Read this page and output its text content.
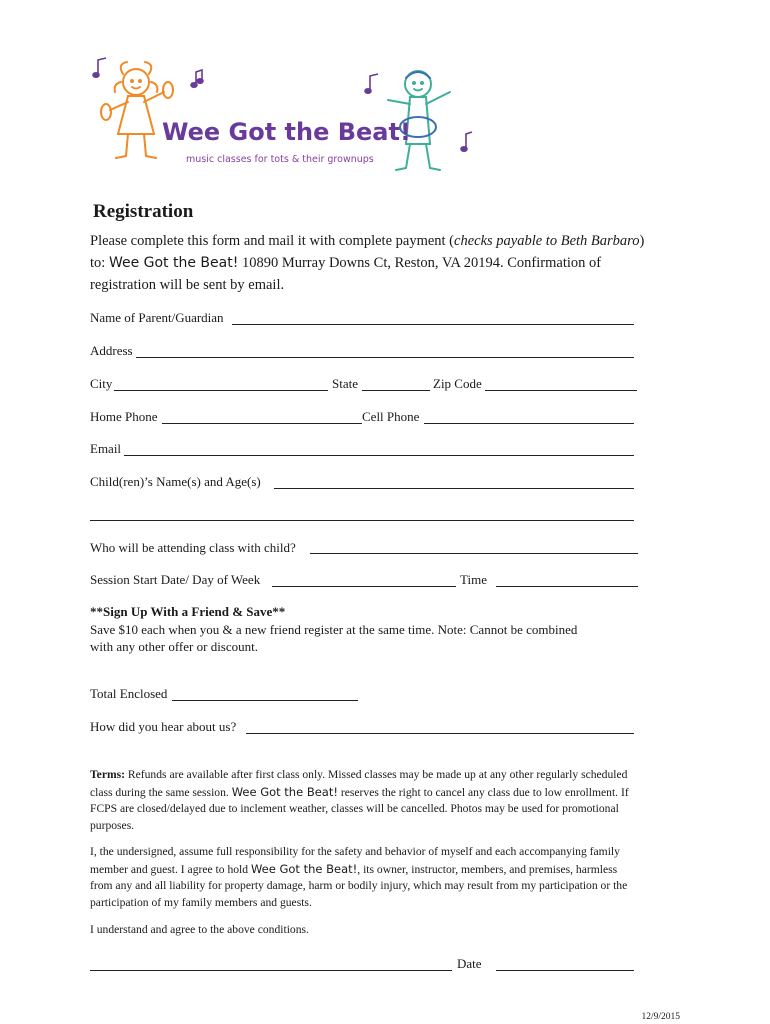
Wee Got the Beat!
music classes for tots & their grownups
Registration
Please complete this form and mail it with complete payment (checks payable to Beth Barbaro)
to: Wee Got the Beat! 10890 Murray Downs Ct, Reston, VA 20194. Confirmation of
registration will be sent by email.
Name of Parent/Guardian
Address
City	State	Zip Code
Home Phone	Cell Phone
Email
Child(ren)’s Name(s) and Age(s)
Who will be attending class with child?
Session Start Date/ Day of Week	Time
**Sign Up With a Friend & Save**
Save $10 each when you & a new friend register at the same time. Note: Cannot be combined
with any other offer or discount.
Total Enclosed
How did you hear about us?
Terms: Refunds are available after first class only. Missed classes may be made up at any other regularly scheduled
class during the same session. Wee Got the Beat! reserves the right to cancel any class due to low enrollment. If
FCPS are closed/delayed due to inclement weather, classes will be cancelled. Photos may be used for promotional
purposes.
I, the undersigned, assume full responsibility for the safety and behavior of myself and each accompanying family
member and guest. I agree to hold Wee Got the Beat!, its owner, instructor, members, and premises, harmless
from any and all liability for property damage, harm or bodily injury, which may result from my participation or the
participation of my family members and guests.
I understand and agree to the above conditions.
Date
12/9/2015
